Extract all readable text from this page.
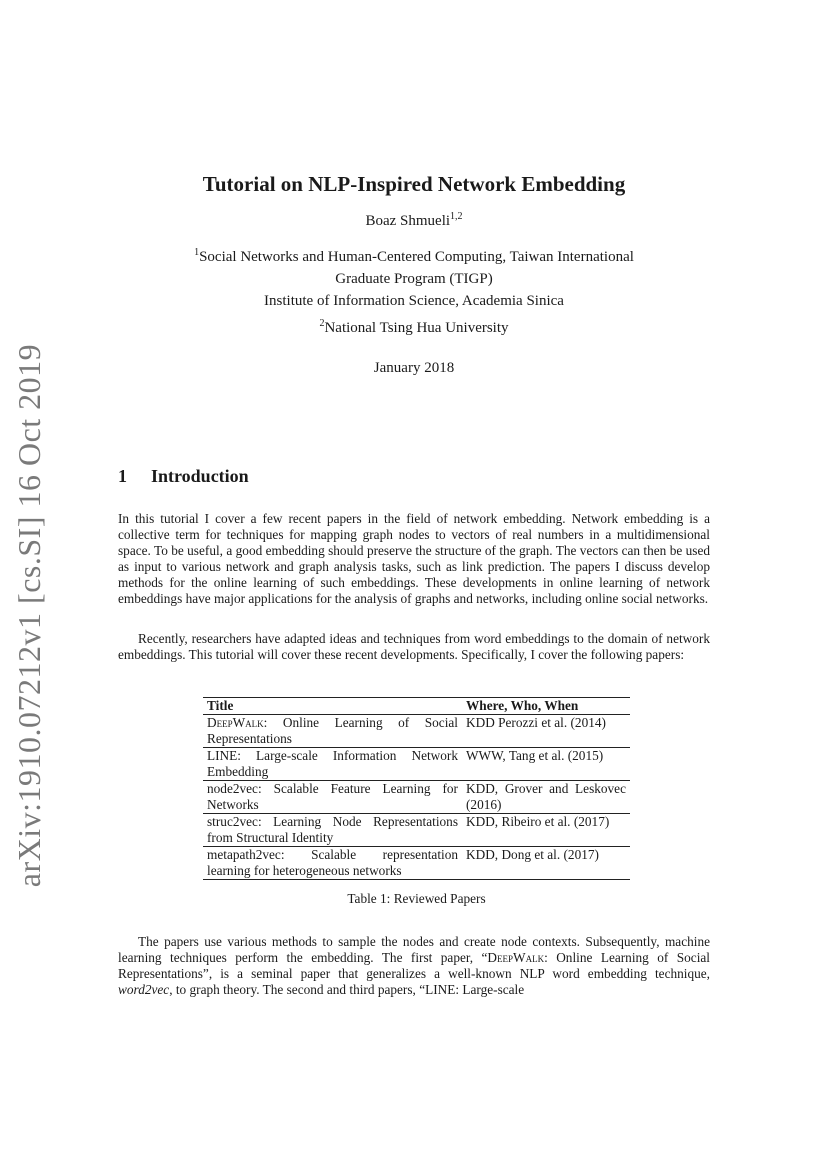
arXiv:1910.07212v1 [cs.SI] 16 Oct 2019
Tutorial on NLP-Inspired Network Embedding
Boaz Shmueli$^{1,2}$
$^1$Social Networks and Human-Centered Computing, Taiwan International
Graduate Program (TIGP)
Institute of Information Science, Academia Sinica
$^2$National Tsing Hua University
January 2018
1 Introduction

In this tutorial I cover a few recent papers in the field of network embedding. Network embedding is a collective term for techniques for mapping graph nodes to vectors of real numbers in a multidimensional space. To be useful, a good embedding should preserve the structure of the graph. The vectors can then be used as input to various network and graph analysis tasks, such as link prediction. The papers I discuss develop methods for the online learning of such embeddings. These developments in online learning of network embeddings have major applications for the analysis of graphs and networks, including online social networks.

Recently, researchers have adapted ideas and techniques from word embeddings to the domain of network embeddings. This tutorial will cover these recent developments. Specifically, I cover the following papers:

Title	Where, Who, When
DeepWalk: Online Learning of Social Representations	KDD Perozzi et al. (2014)
LINE: Large-scale Information Network Embedding	WWW, Tang et al. (2015)
node2vec: Scalable Feature Learning for Networks	KDD, Grover and Leskovec (2016)
struc2vec: Learning Node Representations from Structural Identity	KDD, Ribeiro et al. (2017)
metapath2vec: Scalable representation learning for heterogeneous networks	KDD, Dong et al. (2017)
Table 1: Reviewed Papers

The papers use various methods to sample the nodes and create node contexts. Subsequently, machine learning techniques perform the embedding. The first paper, “DeepWalk: Online Learning of Social Representations”, is a seminal paper that generalizes a well-known NLP word embedding technique, word2vec, to graph theory. The second and third papers, “LINE: Large-scale
